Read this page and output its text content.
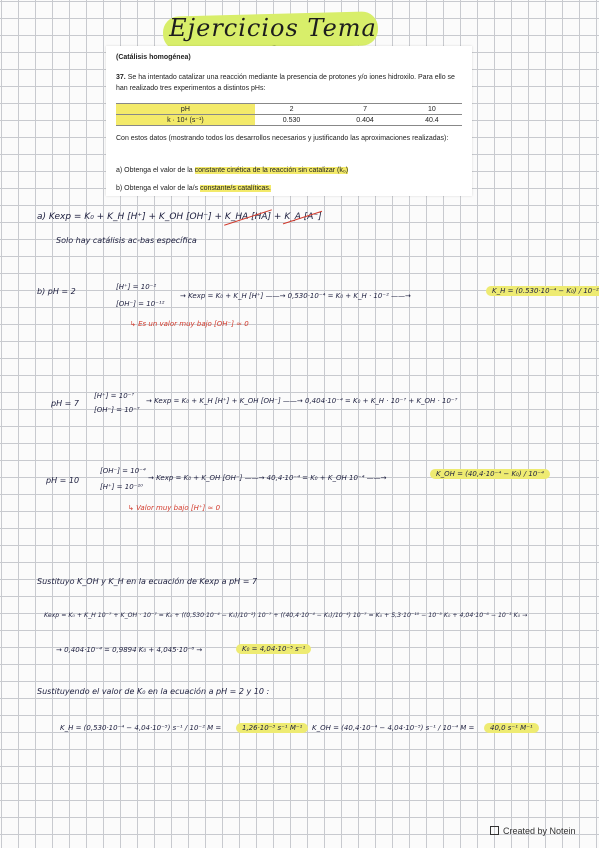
Ejercicios Tema
(Catálisis homogénea)
37. Se ha intentado catalizar una reacción mediante la presencia de protones y/o iones hidroxilo. Para ello se han realizado tres experimentos a distintos pHs:
pH	2	7	10
k · 10⁴ (s⁻¹)	0.530	0.404	40.4
Con estos datos (mostrando todos los desarrollos necesarios y justificando las aproximaciones realizadas):
a) Obtenga el valor de la constante cinética de la reacción sin catalizar (k₀)
b) Obtenga el valor de la/s constante/s catalíticas.
a) Kexp = K₀ + K_H [H⁺] + K_OH [OH⁻] + K_HA [HA] + K_A [A⁻]
Solo hay catálisis ac-bas específica
b) pH = 2	[H⁺] = 10⁻²
[OH⁻] = 10⁻¹²
→ Kexp = K₀ + K_H [H⁺] ——→ 0,530·10⁻⁴ = K₀ + K_H · 10⁻² ——→
K_H = (0.530·10⁻⁴ − K₀) / 10⁻²
↳ Es un valor muy bajo [OH⁻] ≃ 0
pH = 7
[H⁺] = 10⁻⁷
[OH⁻] = 10⁻⁷
→ Kexp = K₀ + K_H [H⁺] + K_OH [OH⁻] ——→ 0,404·10⁻⁴ = K₀ + K_H · 10⁻⁷ + K_OH · 10⁻⁷
pH = 10
[OH⁻] = 10⁻⁴
[H⁺] = 10⁻¹⁰
→ Kexp = K₀ + K_OH [OH⁻] ——→ 40,4·10⁻⁴ = K₀ + K_OH 10⁻⁴ ——→	K_OH = (40,4·10⁻⁴ − K₀) / 10⁻⁴
↳ Valor muy bajo [H⁺] ≃ 0
Sustituyo K_OH y K_H en la ecuación de Kexp a pH = 7
Kexp = K₀ + K_H 10⁻⁷ + K_OH · 10⁻⁷ = K₀ + ((0,530·10⁻⁴ − K₀)/10⁻²) 10⁻⁷ + ((40,4·10⁻⁴ − K₀)/10⁻⁴) 10⁻⁷ = K₀ + 5,3·10⁻¹⁰ − 10⁻⁵ K₀ + 4,04·10⁻⁶ − 10⁻³ K₀ →
→ 0,404·10⁻⁴ = 0,9894 K₀ + 4,045·10⁻⁶ →	K₀ = 4,04·10⁻⁵ s⁻¹
Sustituyendo el valor de K₀ en la ecuación a pH = 2 y 10 :
K_H = (0,530·10⁻⁴ − 4,04·10⁻⁵) s⁻¹ / 10⁻² M =	1,26·10⁻³ s⁻¹ M⁻¹	K_OH = (40,4·10⁻⁴ − 4,04·10⁻⁵) s⁻¹ / 10⁻⁴ M =	40,0 s⁻¹ M⁻¹
Created by Notein
